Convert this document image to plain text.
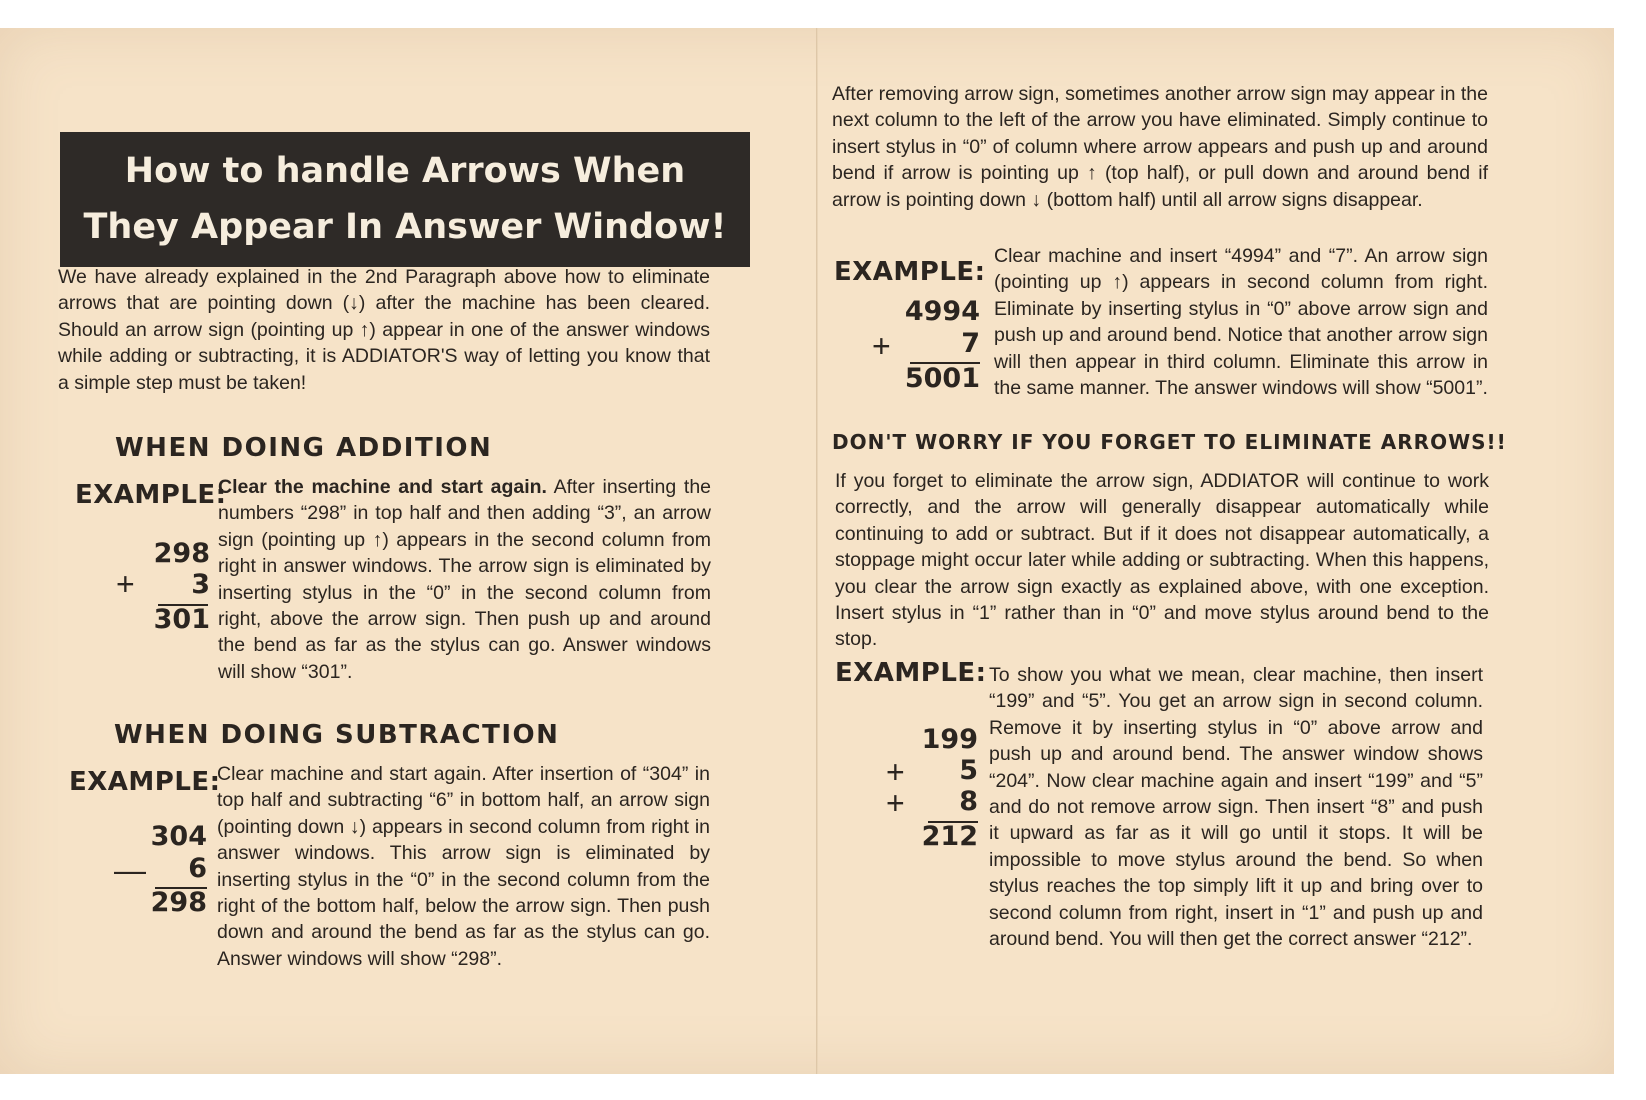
How to handle Arrows When
They Appear In Answer Window!

We have already explained in the 2nd Paragraph above how to eliminate arrows that are pointing down (↓) after the machine has been cleared. Should an arrow sign (pointing up ↑) appear in one of the answer windows while adding or subtracting, it is ADDIATOR'S way of letting you know that a simple step must be taken!

WHEN DOING ADDITION
EXAMPLE:
298
+	3
301

Clear the machine and start again. After inserting the numbers “298” in top half and then adding “3”, an arrow sign (pointing up ↑) appears in the second column from right in answer windows. The arrow sign is eliminated by inserting stylus in the “0” in the second column from right, above the arrow sign. Then push up and around the bend as far as the stylus can go. Answer windows will show “301”.

WHEN DOING SUBTRACTION
EXAMPLE:
304
—	6
298

Clear machine and start again. After insertion of “304” in top half and subtracting “6” in bottom half, an arrow sign (pointing down ↓) appears in second column from right in answer windows. This arrow sign is eliminated by inserting stylus in the “0” in the second column from the right of the bottom half, below the arrow sign. Then push down and around the bend as far as the stylus can go. Answer windows will show “298”.

After removing arrow sign, sometimes another arrow sign may appear in the next column to the left of the arrow you have eliminated. Simply continue to insert stylus in “0” of column where arrow appears and push up and around bend if arrow is pointing up ↑ (top half), or pull down and around bend if arrow is pointing down ↓ (bottom half) until all arrow signs disappear.

EXAMPLE:
4994
+	7
5001

Clear machine and insert “4994” and “7”. An arrow sign (pointing up ↑) appears in second column from right. Eliminate by inserting stylus in “0” above arrow sign and push up and around bend. Notice that another arrow sign will then appear in third column. Eliminate this arrow in the same manner. The answer windows will show “5001”.

DON'T WORRY IF YOU FORGET TO ELIMINATE ARROWS!!

If you forget to eliminate the arrow sign, ADDIATOR will continue to work correctly, and the arrow will generally disappear automatically while continuing to add or subtract. But if it does not disappear automatically, a stoppage might occur later while adding or subtracting. When this happens, you clear the arrow sign exactly as explained above, with one exception. Insert stylus in “1” rather than in “0” and move stylus around bend to the stop.

EXAMPLE:
199
+	5
+	8
212

To show you what we mean, clear machine, then insert “199” and “5”. You get an arrow sign in second column. Remove it by inserting stylus in “0” above arrow and push up and around bend. The answer window shows “204”. Now clear machine again and insert “199” and “5” and do not remove arrow sign. Then insert “8” and push it upward as far as it will go until it stops. It will be impossible to move stylus around the bend. So when stylus reaches the top simply lift it up and bring over to second column from right, insert in “1” and push up and around bend. You will then get the correct answer “212”.
